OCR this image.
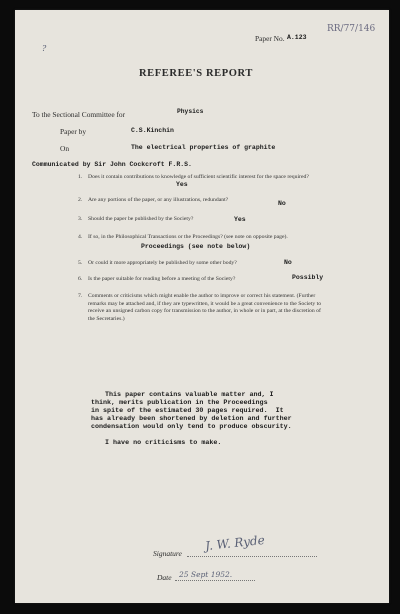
RR/77/146
?
Paper No. A.123
REFEREE'S REPORT
To the Sectional Committee for	Physics
Paper by	C.S.Kinchin
On	The electrical properties of graphite
Communicated by Sir John Cockcroft F.R.S.
1. Does it contain contributions to knowledge of sufficient scientific interest for the space required?
Yes
2. Are any portions of the paper, or any illustrations, redundant?	No
3. Should the paper be published by the Society?	Yes
4. If so, in the Philosophical Transactions or the Proceedings? (see note on opposite page).
Proceedings (see note below)
5. Or could it more appropriately be published by some other body?	No
6. Is the paper suitable for reading before a meeting of the Society?	Possibly
7. Comments or criticisms which might enable the author to improve or correct his statement. (Further remarks may be attached and, if they are typewritten, it would be a great convenience to the Society to receive an unsigned carbon copy for transmission to the author, in whole or in part, at the discretion of the Secretaries.)
This paper contains valuable matter and, I
think, merits publication in the Proceedings
in spite of the estimated 30 pages required.  It
has already been shortened by deletion and further
condensation would only tend to produce obscurity.
I have no criticisms to make.
Signature
J. W. Ryde
Date 25 Sept 1952.
